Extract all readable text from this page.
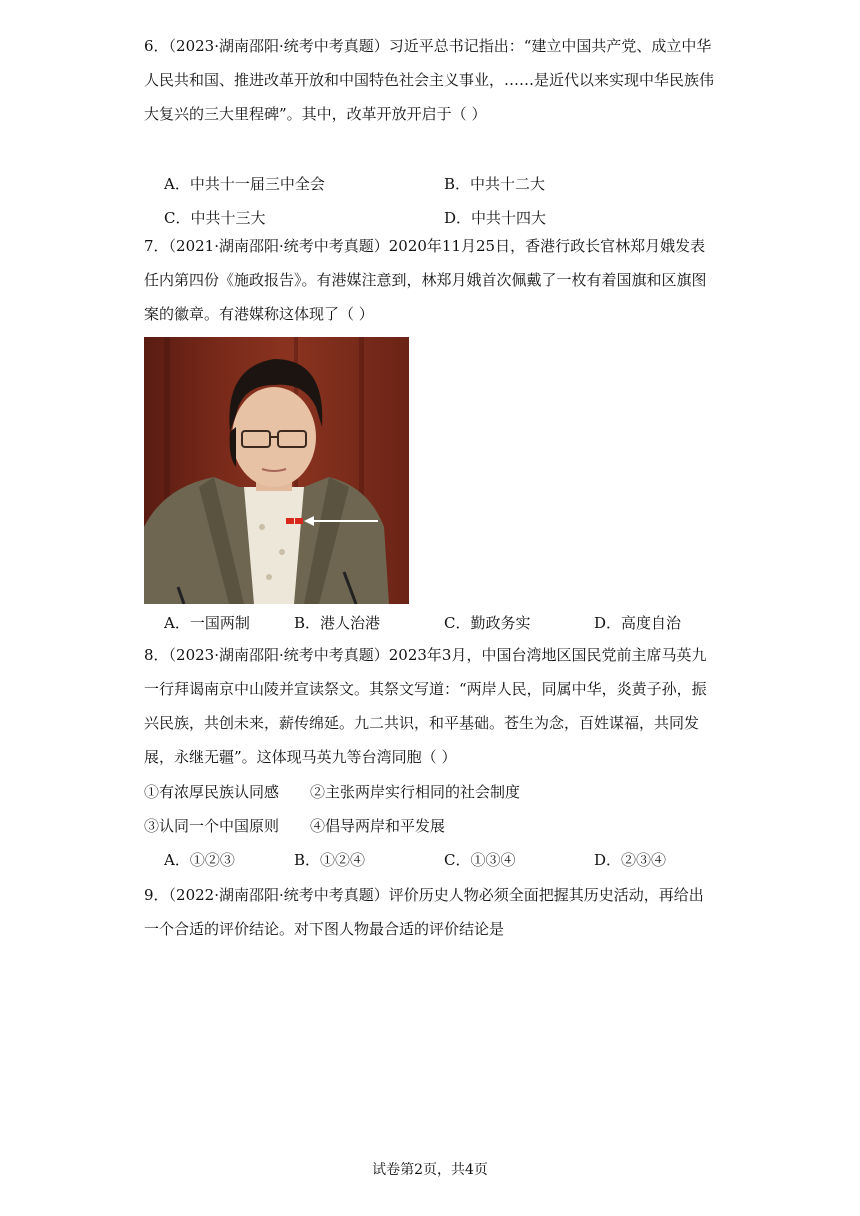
6．（2023·湖南邵阳·统考中考真题）习近平总书记指出：“建立中国共产党、成立中华人民共和国、推进改革开放和中国特色社会主义事业，……是近代以来实现中华民族伟大复兴的三大里程碑”。其中，改革开放开启于（ ）

A．中共十一届三中全会	B．中共十二大
C．中共十三大	D．中共十四大

7．（2021·湖南邵阳·统考中考真题）2020年11月25日，香港行政长官林郑月娥发表任内第四份《施政报告》。有港媒注意到，林郑月娥首次佩戴了一枚有着国旗和区旗图案的徽章。有港媒称这体现了（ ）

A．一国两制	B．港人治港	C．勤政务实	D．高度自治

8．（2023·湖南邵阳·统考中考真题）2023年3月，中国台湾地区国民党前主席马英九一行拜谒南京中山陵并宣读祭文。其祭文写道：“两岸人民，同属中华，炎黄子孙，振兴民族，共创未来，薪传绵延。九二共识，和平基础。苍生为念，百姓谋福，共同发展，永继无疆”。这体现马英九等台湾同胞（ ）

①有浓厚民族认同感 ②主张两岸实行相同的社会制度
③认同一个中国原则 ④倡导两岸和平发展
A．①②③	B．①②④	C．①③④	D．②③④

9．（2022·湖南邵阳·统考中考真题）评价历史人物必须全面把握其历史活动，再给出一个合适的评价结论。对下图人物最合适的评价结论是

试卷第2页，共4页
